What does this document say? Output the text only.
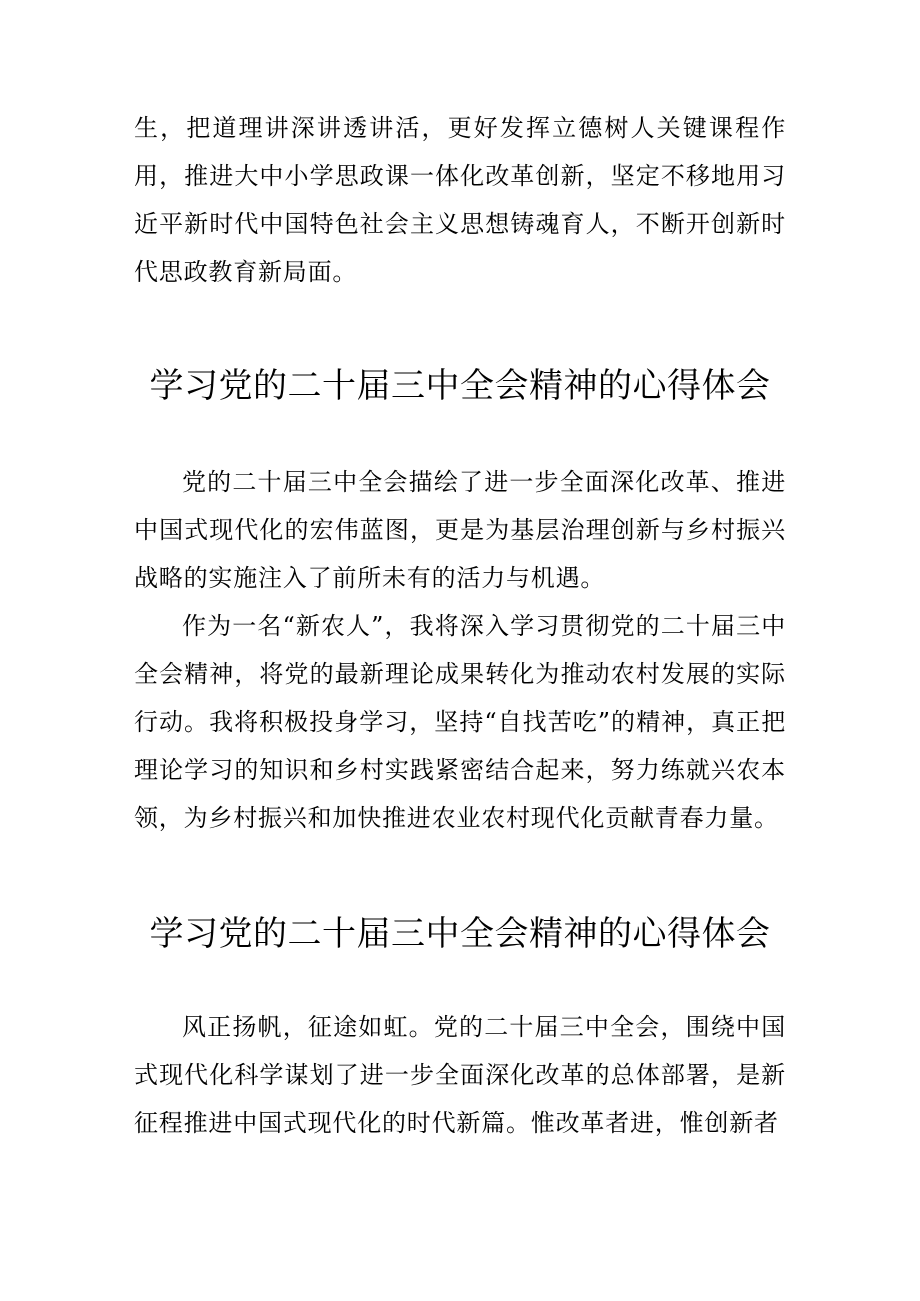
生，把道理讲深讲透讲活，更好发挥立德树人关键课程作用，推进大中小学思政课一体化改革创新，坚定不移地用习近平新时代中国特色社会主义思想铸魂育人，不断开创新时代思政教育新局面。

学习党的二十届三中全会精神的心得体会

党的二十届三中全会描绘了进一步全面深化改革、推进中国式现代化的宏伟蓝图，更是为基层治理创新与乡村振兴战略的实施注入了前所未有的活力与机遇。

作为一名“新农人”，我将深入学习贯彻党的二十届三中全会精神，将党的最新理论成果转化为推动农村发展的实际行动。我将积极投身学习，坚持“自找苦吃”的精神，真正把理论学习的知识和乡村实践紧密结合起来，努力练就兴农本领，为乡村振兴和加快推进农业农村现代化贡献青春力量。

学习党的二十届三中全会精神的心得体会

风正扬帆，征途如虹。党的二十届三中全会，围绕中国式现代化科学谋划了进一步全面深化改革的总体部署，是新征程推进中国式现代化的时代新篇。惟改革者进，惟创新者
